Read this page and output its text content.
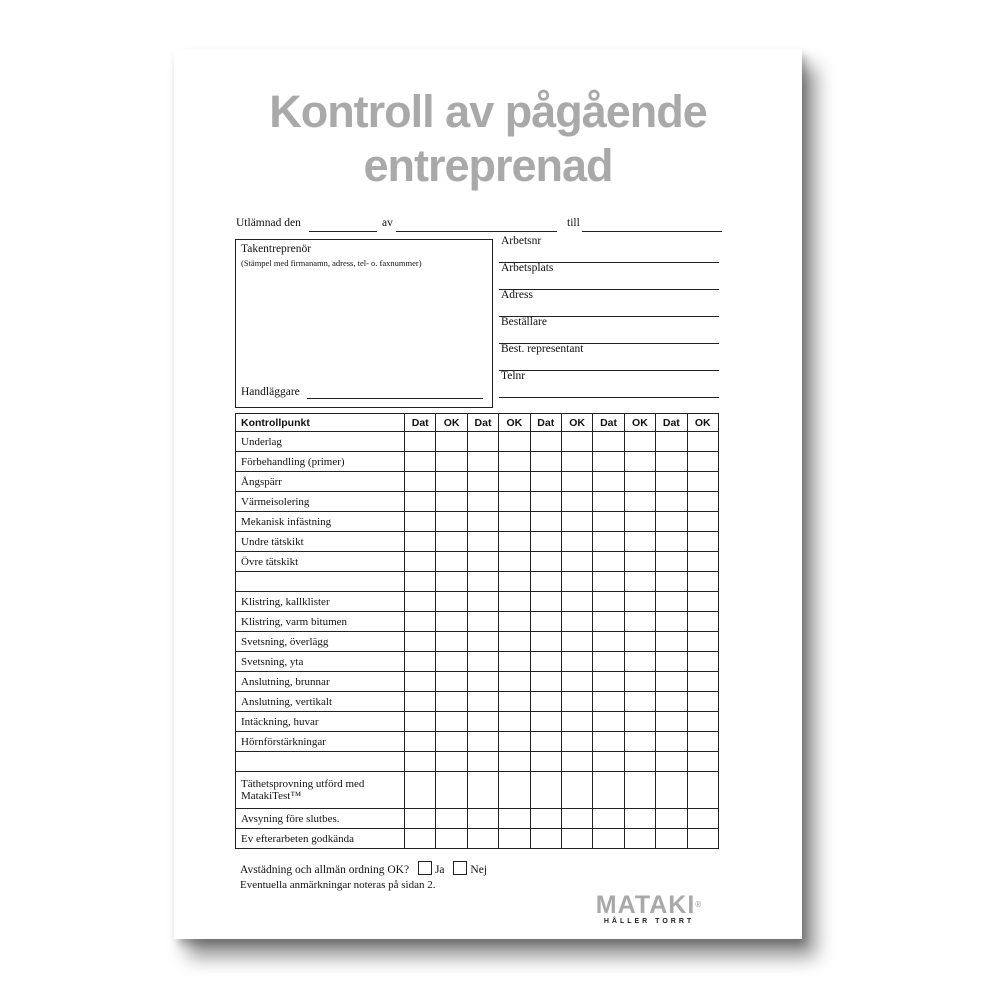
Kontroll av pågående
entreprenad
Utlämnad den	av	till
Takentreprenör
(Stämpel med firmanamn, adress, tel- o. faxnummer)
Handläggare
Arbetsnr
Arbetsplats
Adress
Beställare
Best. representant
Telnr
Kontrollpunkt	Dat	OK	Dat	OK	Dat	OK	Dat	OK	Dat	OK
Underlag										
Förbehandling (primer)										
Ångspärr										
Värmeisolering										
Mekanisk infästning										
Undre tätskikt										
Övre tätskikt										

Klistring, kallklister										
Klistring, varm bitumen										
Svetsning, överlägg										
Svetsning, yta										
Anslutning, brunnar										
Anslutning, vertikalt										
Intäckning, huvar										
Hörnförstärkningar										

Täthetsprovning utförd med MatakiTest™										
Avsyning före slutbes.										
Ev efterarbeten godkända										
Avstädning och allmän ordning OK? Ja Nej
Eventuella anmärkningar noteras på sidan 2.
MATAKI®
HÅLLER TORRT
